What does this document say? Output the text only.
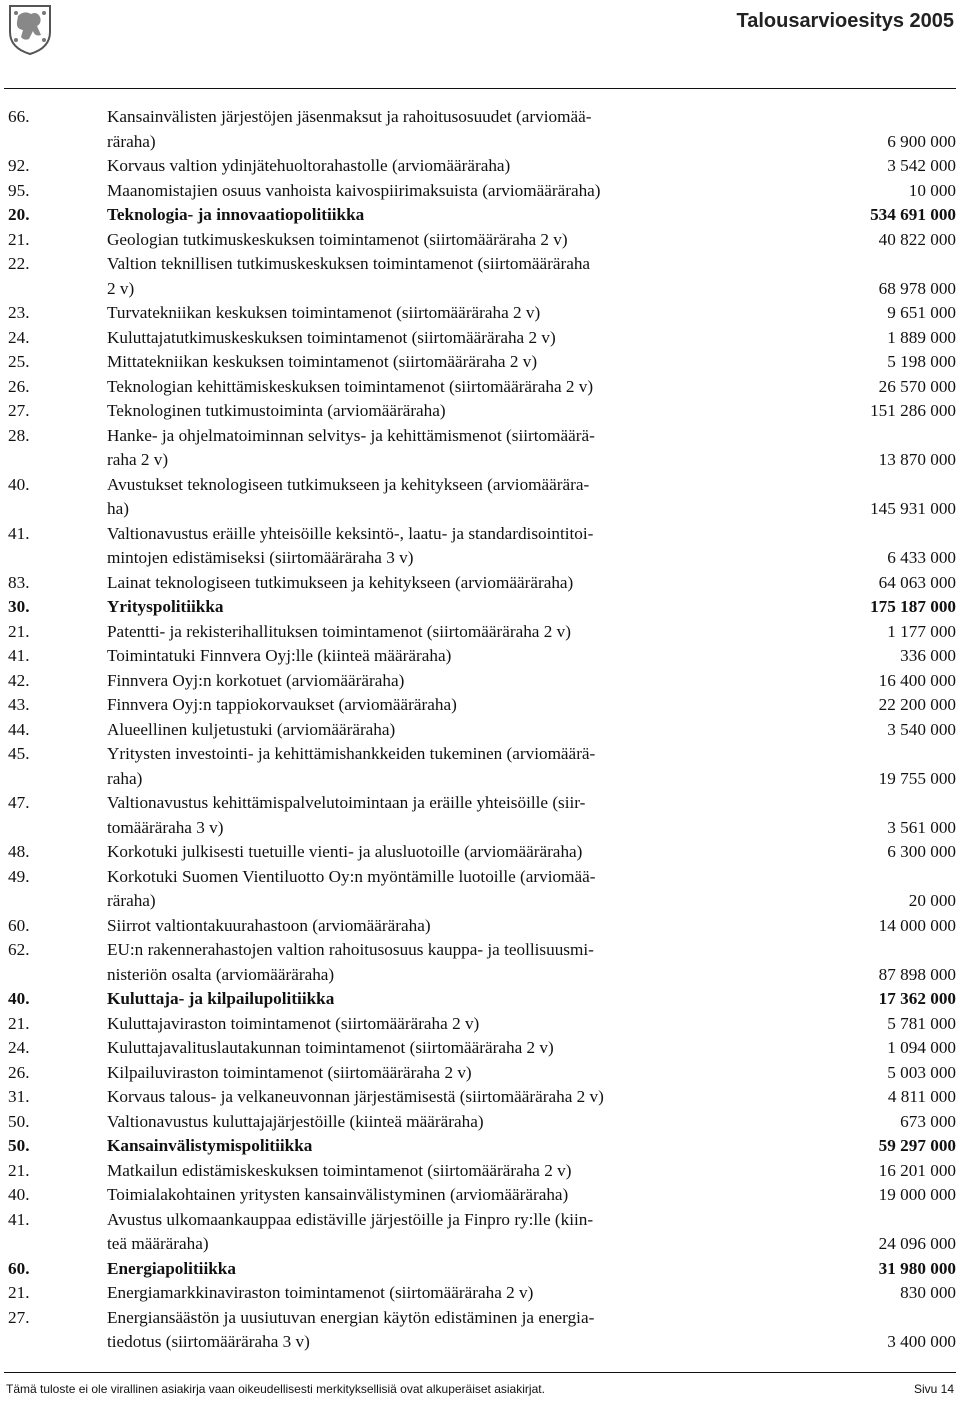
Talousarvioesitys 2005
66.	Kansainvälisten järjestöjen jäsenmaksut ja rahoitusosuudet (arviomää-
räraha)	6 900 000
92.	Korvaus valtion ydinjätehuoltorahastolle (arviomääräraha)	3 542 000
95.	Maanomistajien osuus vanhoista kaivospiirimaksuista (arviomääräraha)	10 000
20.	Teknologia- ja innovaatiopolitiikka	534 691 000
21.	Geologian tutkimuskeskuksen toimintamenot (siirtomääräraha 2 v)	40 822 000
22.	Valtion teknillisen tutkimuskeskuksen toimintamenot (siirtomääräraha
2 v)	68 978 000
23.	Turvatekniikan keskuksen toimintamenot (siirtomääräraha 2 v)	9 651 000
24.	Kuluttajatutkimuskeskuksen toimintamenot (siirtomääräraha 2 v)	1 889 000
25.	Mittatekniikan keskuksen toimintamenot (siirtomääräraha 2 v)	5 198 000
26.	Teknologian kehittämiskeskuksen toimintamenot (siirtomääräraha 2 v)	26 570 000
27.	Teknologinen tutkimustoiminta (arviomääräraha)	151 286 000
28.	Hanke- ja ohjelmatoiminnan selvitys- ja kehittämismenot (siirtomäärä-
raha 2 v)	13 870 000
40.	Avustukset teknologiseen tutkimukseen ja kehitykseen (arviomäärära-
ha)	145 931 000
41.	Valtionavustus eräille yhteisöille keksintö-, laatu- ja standardisointitoi-
mintojen edistämiseksi (siirtomääräraha 3 v)	6 433 000
83.	Lainat teknologiseen tutkimukseen ja kehitykseen (arviomääräraha)	64 063 000
30.	Yrityspolitiikka	175 187 000
21.	Patentti- ja rekisterihallituksen toimintamenot (siirtomääräraha 2 v)	1 177 000
41.	Toimintatuki Finnvera Oyj:lle (kiinteä määräraha)	336 000
42.	Finnvera Oyj:n korkotuet (arviomääräraha)	16 400 000
43.	Finnvera Oyj:n tappiokorvaukset (arviomääräraha)	22 200 000
44.	Alueellinen kuljetustuki (arviomääräraha)	3 540 000
45.	Yritysten investointi- ja kehittämishankkeiden tukeminen (arviomäärä-
raha)	19 755 000
47.	Valtionavustus kehittämispalvelutoimintaan ja eräille yhteisöille (siir-
tomääräraha 3 v)	3 561 000
48.	Korkotuki julkisesti tuetuille vienti- ja alusluotoille (arviomääräraha)	6 300 000
49.	Korkotuki Suomen Vientiluotto Oy:n myöntämille luotoille (arviomää-
räraha)	20 000
60.	Siirrot valtiontakuurahastoon (arviomääräraha)	14 000 000
62.	EU:n rakennerahastojen valtion rahoitusosuus kauppa- ja teollisuusmi-
nisteriön osalta (arviomääräraha)	87 898 000
40.	Kuluttaja- ja kilpailupolitiikka	17 362 000
21.	Kuluttajaviraston toimintamenot (siirtomääräraha 2 v)	5 781 000
24.	Kuluttajavalituslautakunnan toimintamenot (siirtomääräraha 2 v)	1 094 000
26.	Kilpailuviraston toimintamenot (siirtomääräraha 2 v)	5 003 000
31.	Korvaus talous- ja velkaneuvonnan järjestämisestä (siirtomääräraha 2 v)	4 811 000
50.	Valtionavustus kuluttajajärjestöille (kiinteä määräraha)	673 000
50.	Kansainvälistymispolitiikka	59 297 000
21.	Matkailun edistämiskeskuksen toimintamenot (siirtomääräraha 2 v)	16 201 000
40.	Toimialakohtainen yritysten kansainvälistyminen (arviomääräraha)	19 000 000
41.	Avustus ulkomaankauppaa edistäville järjestöille ja Finpro ry:lle (kiin-
teä määräraha)	24 096 000
60.	Energiapolitiikka	31 980 000
21.	Energiamarkkinaviraston toimintamenot (siirtomääräraha 2 v)	830 000
27.	Energiansäästön ja uusiutuvan energian käytön edistäminen ja energia-
tiedotus (siirtomääräraha 3 v)	3 400 000
Tämä tuloste ei ole virallinen asiakirja vaan oikeudellisesti merkityksellisiä ovat alkuperäiset asiakirjat.	Sivu 14
